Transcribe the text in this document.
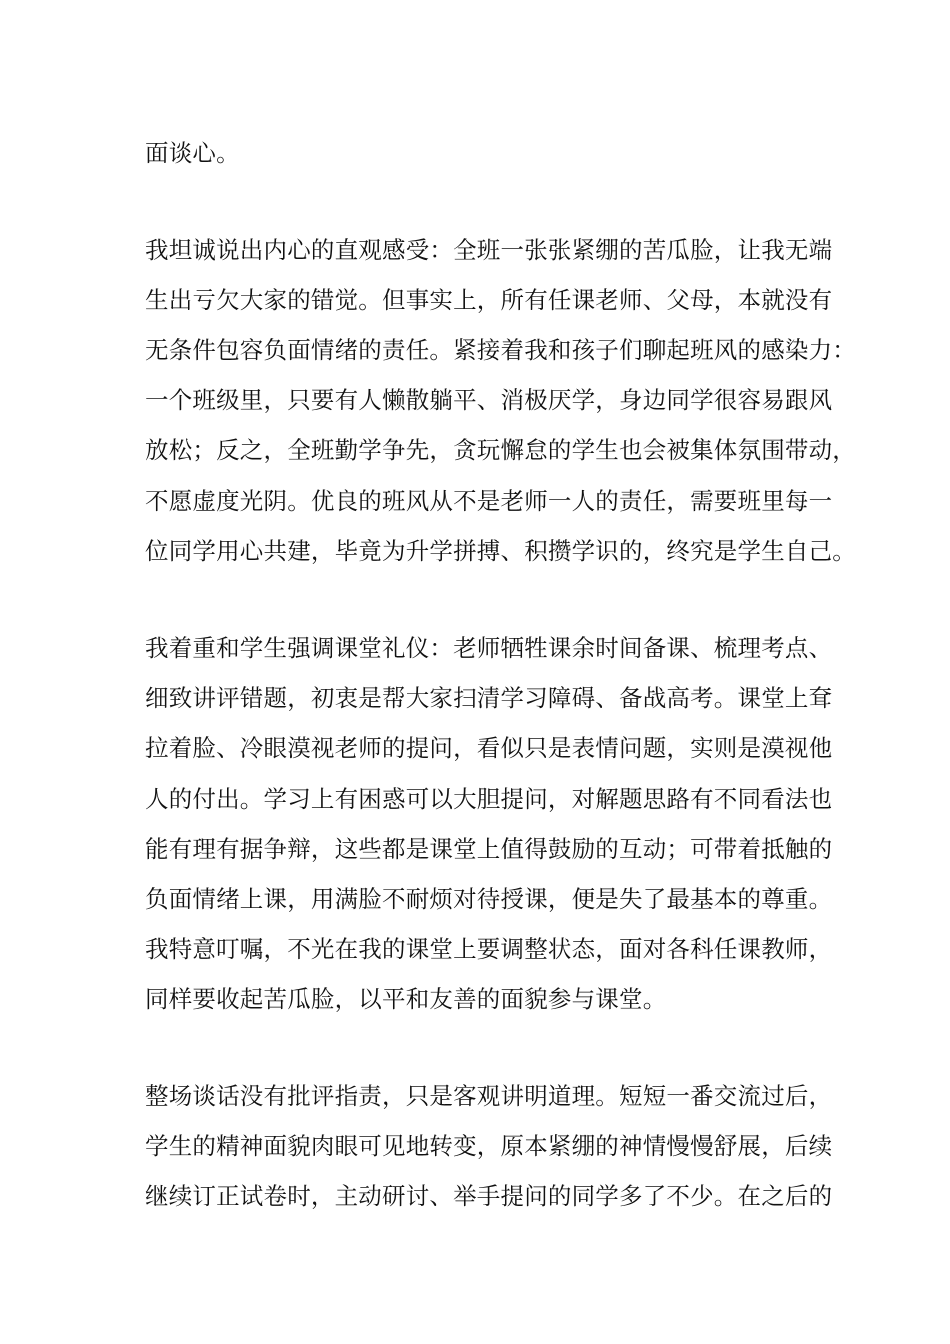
面谈心。

我坦诚说出内心的直观感受：全班一张张紧绷的苦瓜脸，让我无端

生出亏欠大家的错觉。但事实上，所有任课老师、父母，本就没有

无条件包容负面情绪的责任。紧接着我和孩子们聊起班风的感染力：

一个班级里，只要有人懒散躺平、消极厌学，身边同学很容易跟风

放松；反之，全班勤学争先，贪玩懈怠的学生也会被集体氛围带动，

不愿虚度光阴。优良的班风从不是老师一人的责任，需要班里每一

位同学用心共建，毕竟为升学拼搏、积攒学识的，终究是学生自己。

我着重和学生强调课堂礼仪：老师牺牲课余时间备课、梳理考点、

细致讲评错题，初衷是帮大家扫清学习障碍、备战高考。课堂上耷

拉着脸、冷眼漠视老师的提问，看似只是表情问题，实则是漠视他

人的付出。学习上有困惑可以大胆提问，对解题思路有不同看法也

能有理有据争辩，这些都是课堂上值得鼓励的互动；可带着抵触的

负面情绪上课，用满脸不耐烦对待授课，便是失了最基本的尊重。

我特意叮嘱，不光在我的课堂上要调整状态，面对各科任课教师，

同样要收起苦瓜脸，以平和友善的面貌参与课堂。

整场谈话没有批评指责，只是客观讲明道理。短短一番交流过后，

学生的精神面貌肉眼可见地转变，原本紧绷的神情慢慢舒展，后续

继续订正试卷时，主动研讨、举手提问的同学多了不少。在之后的
